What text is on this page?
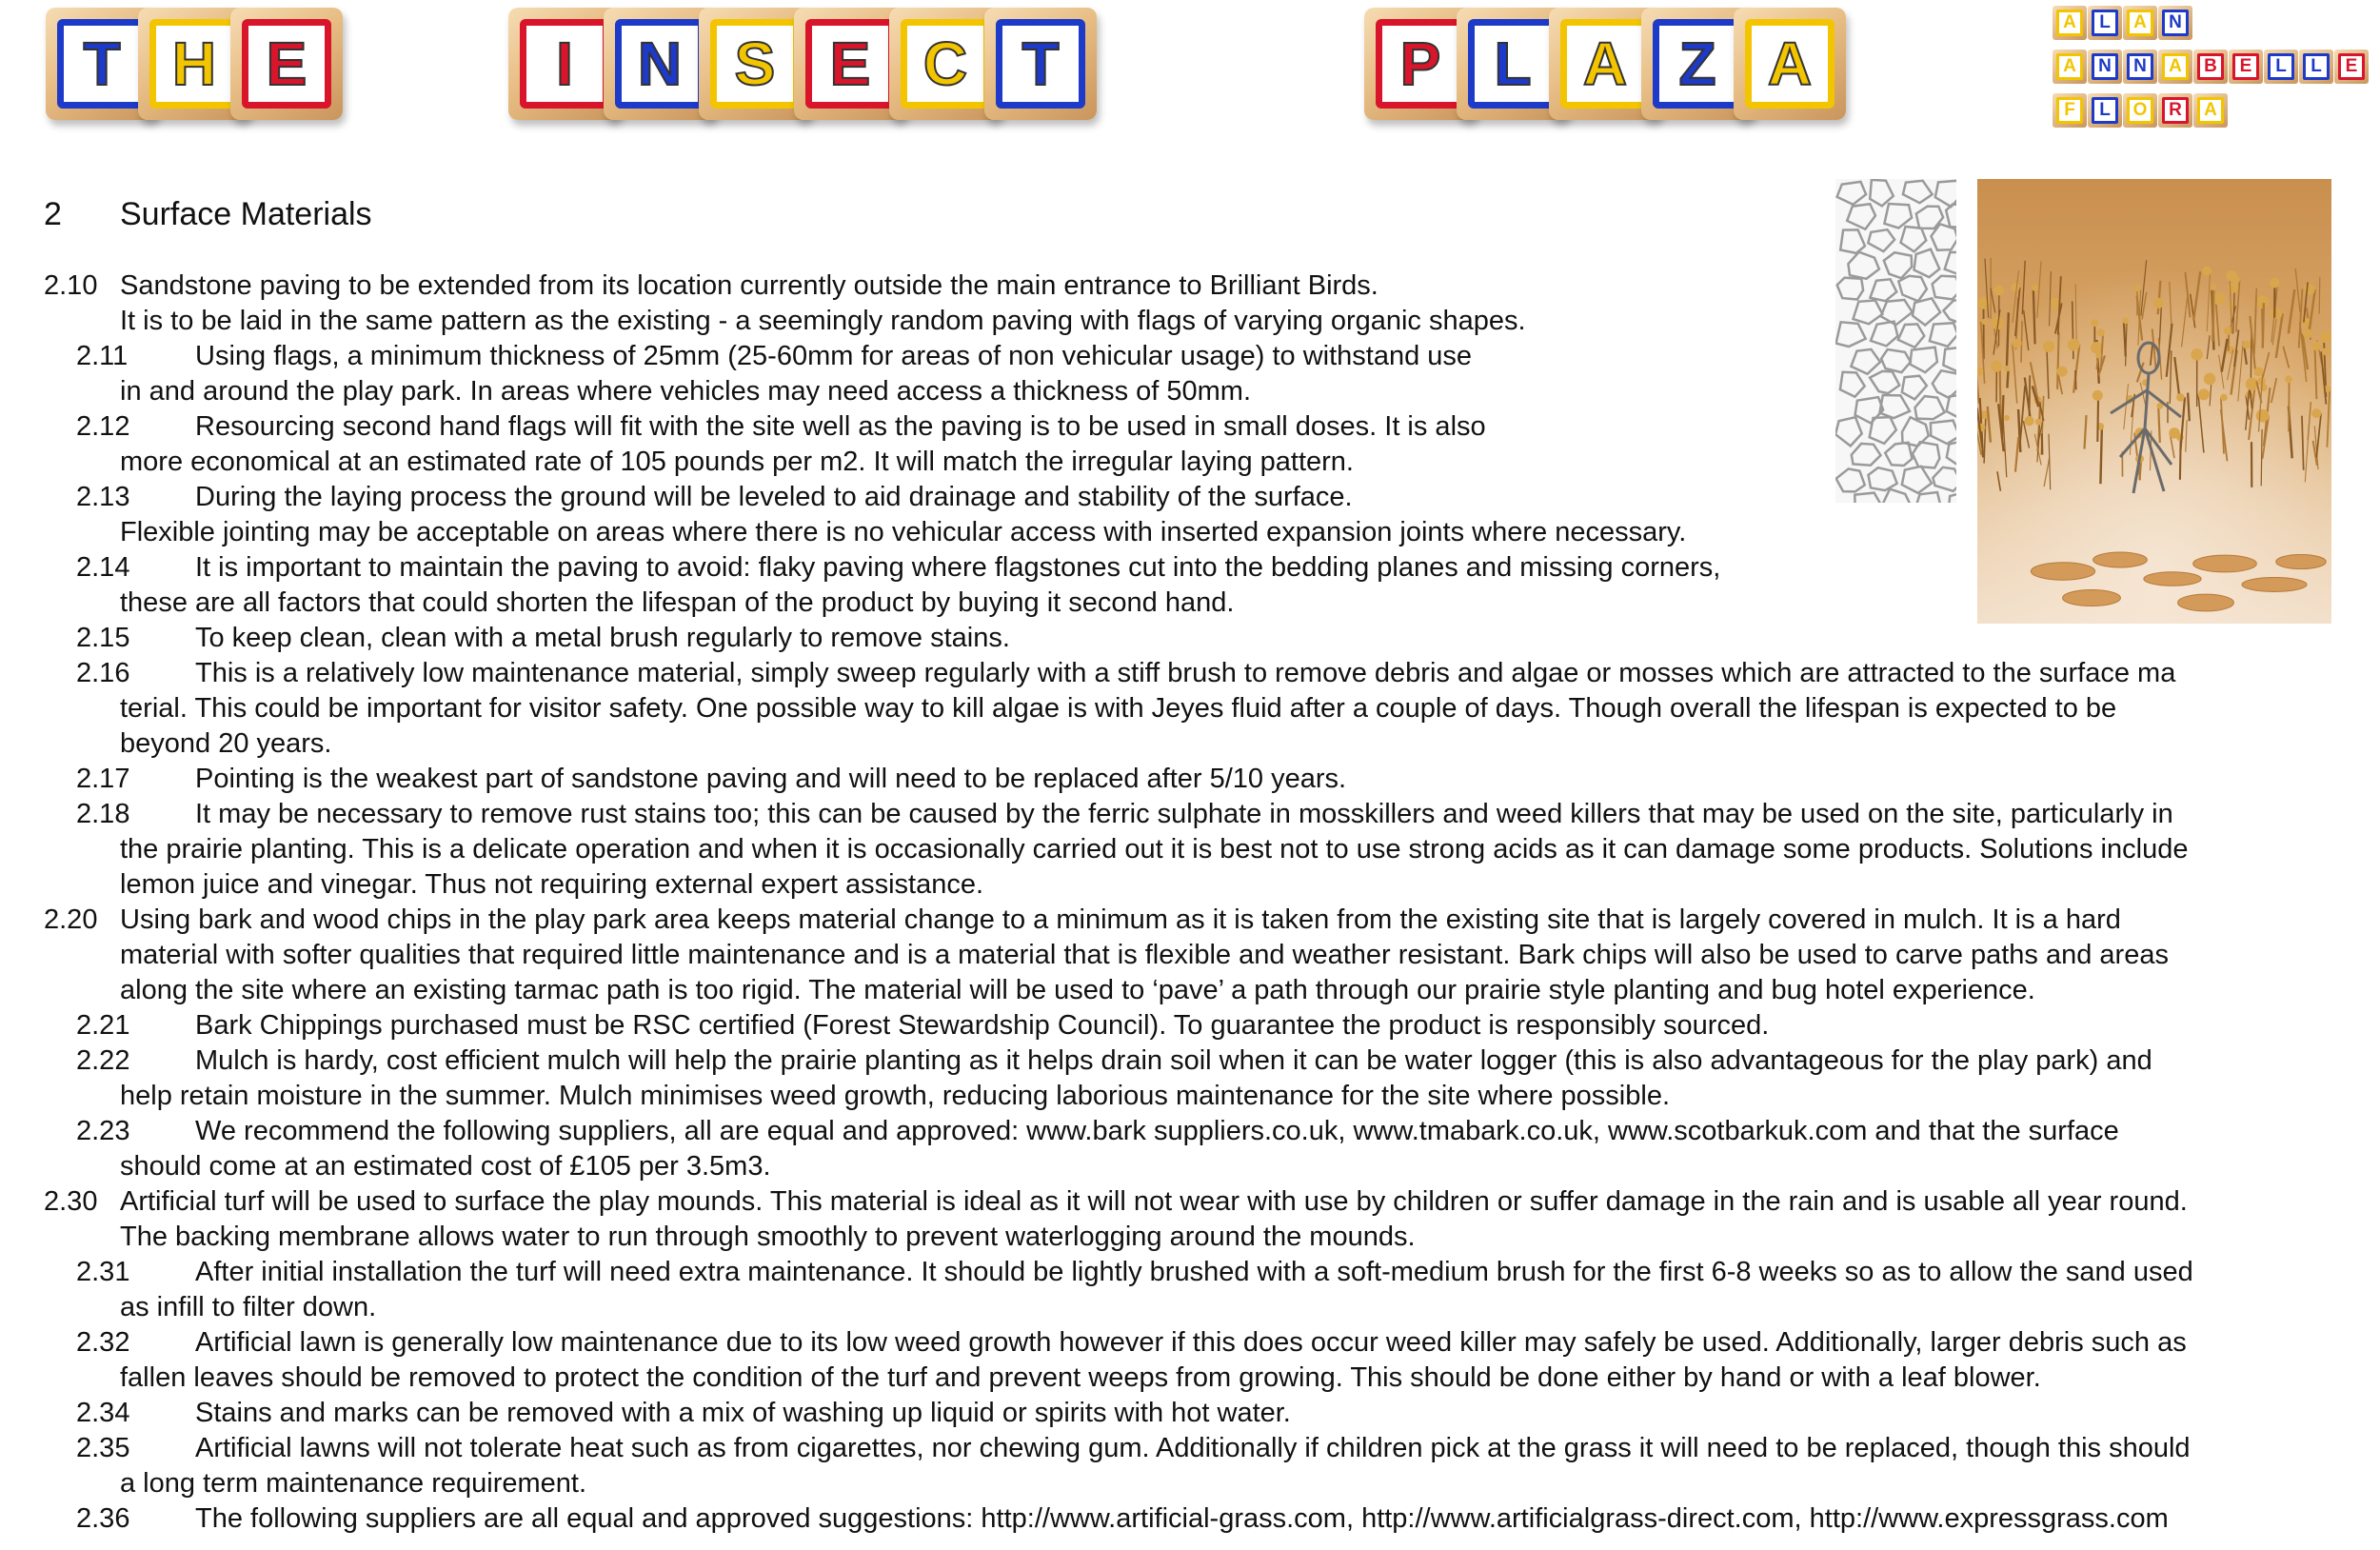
T H E	I	N S E C T	P L A Z A
A	L	A	N
A	N	N	A	B	E	L	L	E
F	L	O	R	A
2 Surface Materials
2.10 Sandstone paving to be extended from its location currently outside the main entrance to Brilliant Birds.
It is to be laid in the same pattern as the existing - a seemingly random paving with flags of varying organic shapes.
2.11 Using flags, a minimum thickness of 25mm (25-60mm for areas of non vehicular usage) to withstand use
in and around the play park. In areas where vehicles may need access a thickness of 50mm.
2.12 Resourcing second hand flags will fit with the site well as the paving is to be used in small doses. It is also
more economical at an estimated rate of 105 pounds per m2. It will match the irregular laying pattern.
2.13 During the laying process the ground will be leveled to aid drainage and stability of the surface.
Flexible jointing may be acceptable on areas where there is no vehicular access with inserted expansion joints where necessary.
2.14 It is important to maintain the paving to avoid: flaky paving where flagstones cut into the bedding planes and missing corners,
these are all factors that could shorten the lifespan of the product by buying it second hand.
2.15 To keep clean, clean with a metal brush regularly to remove stains.
2.16 This is a relatively low maintenance material, simply sweep regularly with a stiff brush to remove debris and algae or mosses which are attracted to the surface ma
terial. This could be important for visitor safety. One possible way to kill algae is with Jeyes fluid after a couple of days. Though overall the lifespan is expected to be
beyond 20 years.
2.17 Pointing is the weakest part of sandstone paving and will need to be replaced after 5/10 years.
2.18 It may be necessary to remove rust stains too; this can be caused by the ferric sulphate in mosskillers and weed killers that may be used on the site, particularly in
the prairie planting. This is a delicate operation and when it is occasionally carried out it is best not to use strong acids as it can damage some products. Solutions include
lemon juice and vinegar. Thus not requiring external expert assistance.
2.20 Using bark and wood chips in the play park area keeps material change to a minimum as it is taken from the existing site that is largely covered in mulch. It is a hard
material with softer qualities that required little maintenance and is a material that is flexible and weather resistant. Bark chips will also be used to carve paths and areas
along the site where an existing tarmac path is too rigid. The material will be used to ‘pave’ a path through our prairie style planting and bug hotel experience.
2.21 Bark Chippings purchased must be RSC certified (Forest Stewardship Council). To guarantee the product is responsibly sourced.
2.22 Mulch is hardy, cost efficient mulch will help the prairie planting as it helps drain soil when it can be water logger (this is also advantageous for the play park) and
help retain moisture in the summer. Mulch minimises weed growth, reducing laborious maintenance for the site where possible.
2.23 We recommend the following suppliers, all are equal and approved: www.bark suppliers.co.uk, www.tmabark.co.uk, www.scotbarkuk.com and that the surface
should come at an estimated cost of £105 per 3.5m3.
2.30 Artificial turf will be used to surface the play mounds. This material is ideal as it will not wear with use by children or suffer damage in the rain and is usable all year round.
The backing membrane allows water to run through smoothly to prevent waterlogging around the mounds.
2.31 After initial installation the turf will need extra maintenance. It should be lightly brushed with a soft-medium brush for the first 6-8 weeks so as to allow the sand used
as infill to filter down.
2.32 Artificial lawn is generally low maintenance due to its low weed growth however if this does occur weed killer may safely be used. Additionally, larger debris such as
fallen leaves should be removed to protect the condition of the turf and prevent weeps from growing. This should be done either by hand or with a leaf blower.
2.34 Stains and marks can be removed with a mix of washing up liquid or spirits with hot water.
2.35 Artificial lawns will not tolerate heat such as from cigarettes, nor chewing gum. Additionally if children pick at the grass it will need to be replaced, though this should
a long term maintenance requirement.
2.36 The following suppliers are all equal and approved suggestions: http://www.artificial-grass.com, http://www.artificialgrass-direct.com, http://www.expressgrass.com
